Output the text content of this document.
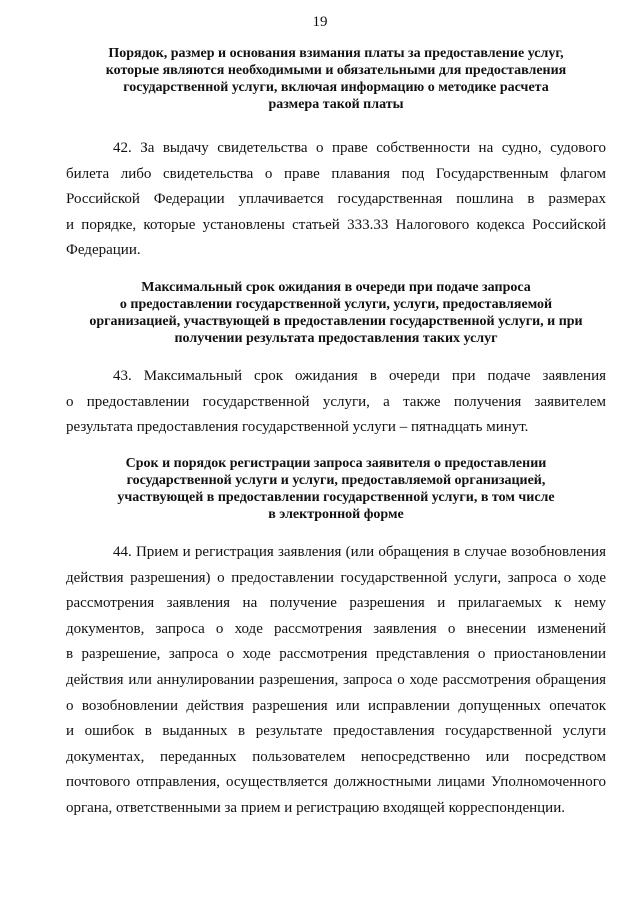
19
Порядок, размер и основания взимания платы за предоставление услуг,
которые являются необходимыми и обязательными для предоставления
государственной услуги, включая информацию о методике расчета
размера такой платы
42. За выдачу свидетельства о праве собственности на судно, судового
билета либо свидетельства о праве плавания под Государственным флагом
Российской Федерации уплачивается государственная пошлина в размерах
и порядке, которые установлены статьей 333.33 Налогового кодекса Российской
Федерации.
Максимальный срок ожидания в очереди при подаче запроса
о предоставлении государственной услуги, услуги, предоставляемой
организацией, участвующей в предоставлении государственной услуги, и при
получении результата предоставления таких услуг
43. Максимальный срок ожидания в очереди при подаче заявления
о предоставлении государственной услуги, а также получения заявителем
результата предоставления государственной услуги – пятнадцать минут.
Срок и порядок регистрации запроса заявителя о предоставлении
государственной услуги и услуги, предоставляемой организацией,
участвующей в предоставлении государственной услуги, в том числе
в электронной форме
44. Прием и регистрация заявления (или обращения в случае возобновления
действия разрешения) о предоставлении государственной услуги, запроса о ходе
рассмотрения заявления на получение разрешения и прилагаемых к нему
документов, запроса о ходе рассмотрения заявления о внесении изменений
в разрешение, запроса о ходе рассмотрения представления о приостановлении
действия или аннулировании разрешения, запроса о ходе рассмотрения обращения
о возобновлении действия разрешения или исправлении допущенных опечаток
и ошибок в выданных в результате предоставления государственной услуги
документах, переданных пользователем непосредственно или посредством
почтового отправления, осуществляется должностными лицами Уполномоченного
органа, ответственными за прием и регистрацию входящей корреспонденции.
